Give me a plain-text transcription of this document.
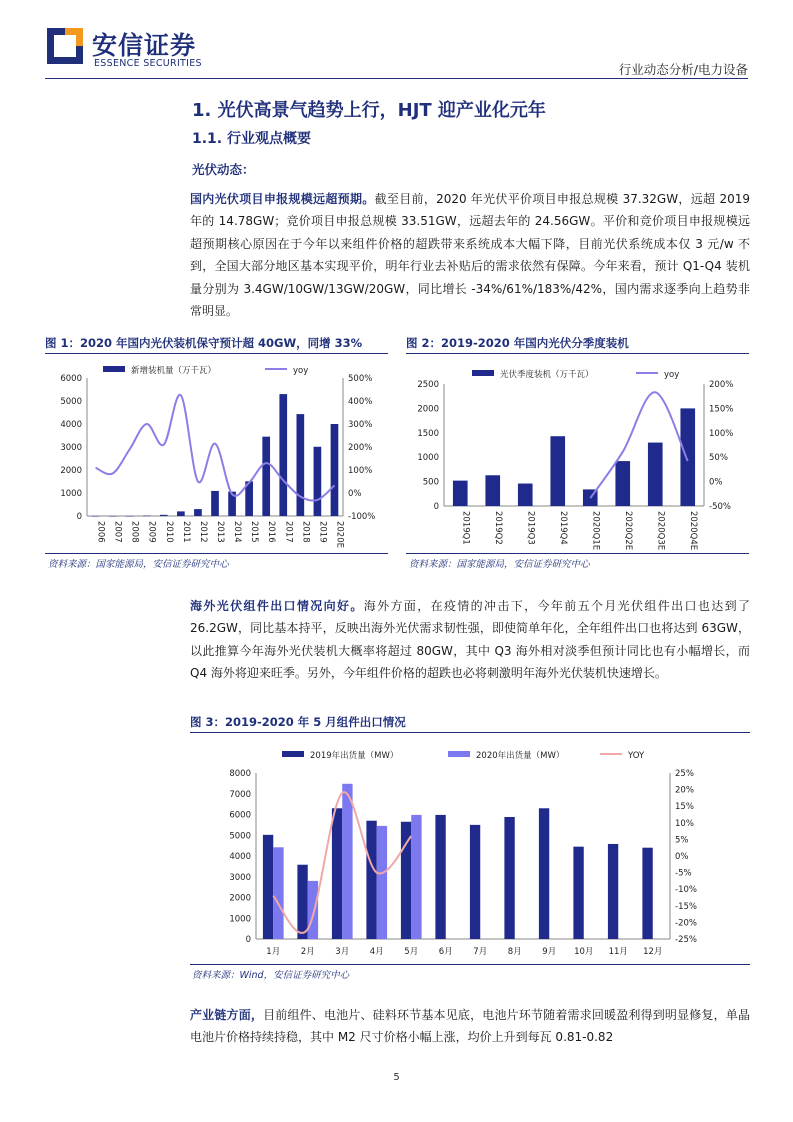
安信证券
ESSENCE SECURITIES	行业动态分析/电力设备
1. 光伏高景气趋势上行，HJT 迎产业化元年
1.1. 行业观点概要
光伏动态：
国内光伏项目申报规模远超预期。截至目前，2020 年光伏平价项目申报总规模 37.32GW，远超 2019 年的 14.78GW；竞价项目申报总规模 33.51GW，远超去年的 24.56GW。平价和竞价项目申报规模远超预期核心原因在于今年以来组件价格的超跌带来系统成本大幅下降，目前光伏系统成本仅 3 元/w 不到，全国大部分地区基本实现平价，明年行业去补贴后的需求依然有保障。今年来看，预计 Q1-Q4 装机量分别为 3.4GW/10GW/13GW/20GW，同比增长 -34%/61%/183%/42%，国内需求逐季向上趋势非常明显。
图 1：2020 年国内光伏装机保守预计超 40GW，同增 33%
0
1000
2000
3000
4000
5000
6000
-100%
0%
100%
200%
300%
400%
500%
2006 2007 2008 2009 2010 2011 2012 2013 2014 2015 2016 2017 2018 2019 2020E
新增装机量（万千瓦）	yoy
资料来源：国家能源局，安信证券研究中心
图 2：2019-2020 年国内光伏分季度装机
0
500
1000
1500
2000
2500
-50%
0%
50%
100%
150%
200%
2019Q1	2019Q2	2019Q3	2019Q4	2020Q1E	2020Q2E	2020Q3E	2020Q4E
光伏季度装机（万千瓦）	yoy
资料来源：国家能源局，安信证券研究中心
海外光伏组件出口情况向好。海外方面，在疫情的冲击下，今年前五个月光伏组件出口也达到了 26.2GW，同比基本持平，反映出海外光伏需求韧性强，即使简单年化，全年组件出口也将达到 63GW，以此推算今年海外光伏装机大概率将超过 80GW，其中 Q3 海外相对淡季但预计同比也有小幅增长，而 Q4 海外将迎来旺季。另外，今年组件价格的超跌也必将刺激明年海外光伏装机快速增长。
图 3：2019-2020 年 5 月组件出口情况
0
1000
2000
3000
4000
5000
6000
7000
8000
-25%
-20%
-15%
-10%
-5%
0%
5%
10%
15%
20%
25%
1月 2月 3月 4月 5月 6月 7月 8月 9月 10月 11月 12月
2019年出货量（MW）	2020年出货量（MW）	YOY
资料来源：Wind，安信证券研究中心
产业链方面，目前组件、电池片、硅料环节基本见底，电池片环节随着需求回暖盈利得到明显修复，单晶电池片价格持续持稳，其中 M2 尺寸价格小幅上涨，均价上升到每瓦 0.81-0.82
5
